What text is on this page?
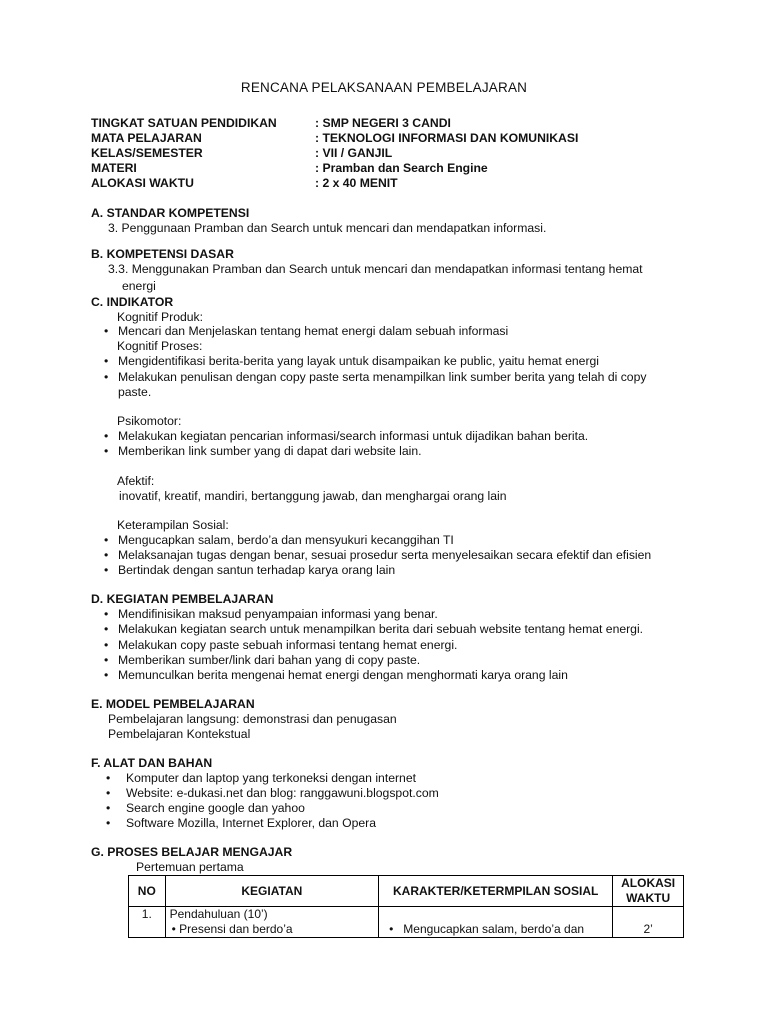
RENCANA PELAKSANAAN PEMBELAJARAN
TINGKAT SATUAN PENDIDIKAN	: SMP NEGERI 3 CANDI
MATA PELAJARAN	: TEKNOLOGI INFORMASI DAN KOMUNIKASI
KELAS/SEMESTER	: VII / GANJIL
MATERI	: Pramban dan Search Engine
ALOKASI WAKTU	: 2 x 40 MENIT
A. STANDAR KOMPETENSI
3. Penggunaan Pramban dan Search untuk mencari dan mendapatkan informasi.
B. KOMPETENSI DASAR
3.3. Menggunakan Pramban dan Search untuk mencari dan mendapatkan informasi tentang hemat
energi
C. INDIKATOR
Kognitif Produk:
• Mencari dan Menjelaskan tentang hemat energi dalam sebuah informasi
Kognitif Proses:
• Mengidentifikasi berita-berita yang layak untuk disampaikan ke public, yaitu hemat energi
• Melakukan penulisan dengan copy paste serta menampilkan link sumber berita yang telah di copy
paste.
Psikomotor:
• Melakukan kegiatan pencarian informasi/search informasi untuk dijadikan bahan berita.
• Memberikan link sumber yang di dapat dari website lain.
Afektif:
inovatif, kreatif, mandiri, bertanggung jawab, dan menghargai orang lain
Keterampilan Sosial:
• Mengucapkan salam, berdo’a dan mensyukuri kecanggihan TI
• Melaksanajan tugas dengan benar, sesuai prosedur serta menyelesaikan secara efektif dan efisien
• Bertindak dengan santun terhadap karya orang lain
D. KEGIATAN PEMBELAJARAN
• Mendifinisikan maksud penyampaian informasi yang benar.
• Melakukan kegiatan search untuk menampilkan berita dari sebuah website tentang hemat energi.
• Melakukan copy paste sebuah informasi tentang hemat energi.
• Memberikan sumber/link dari bahan yang di copy paste.
• Memunculkan berita mengenai hemat energi dengan menghormati karya orang lain
E. MODEL PEMBELAJARAN
Pembelajaran langsung: demonstrasi dan penugasan
Pembelajaran Kontekstual
F. ALAT DAN BAHAN
•	Komputer dan laptop yang terkoneksi dengan internet
•	Website: e-dukasi.net dan blog: ranggawuni.blogspot.com
•	Search engine google dan yahoo
•	Software Mozilla, Internet Explorer, dan Opera
G. PROSES BELAJAR MENGAJAR
Pertemuan pertama
NO	KEGIATAN	KARAKTER/KETERMPILAN SOSIAL	ALOKASI WAKTU
1.	Pendahuluan (10’)
• Presensi dan berdo’a	•   Mengucapkan salam, berdo’a dan	2’
